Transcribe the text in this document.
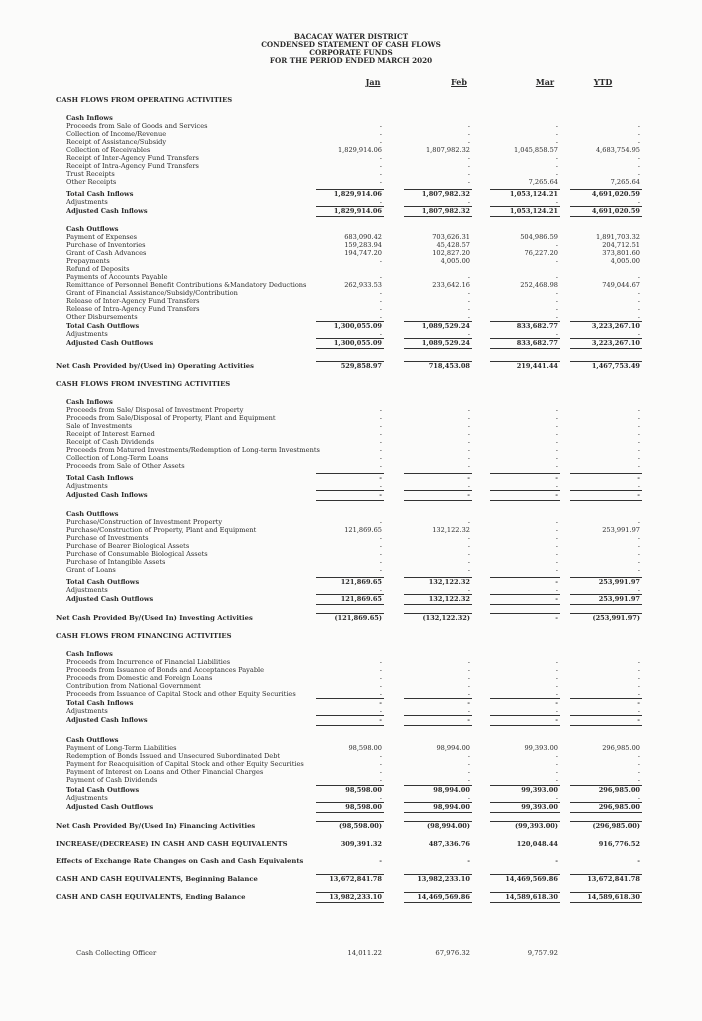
BACACAY WATER DISTRICT
CONDENSED STATEMENT OF CASH FLOWS
CORPORATE FUNDS
FOR THE PERIOD ENDED MARCH 2020
Jan	Feb	Mar	YTD
CASH FLOWS FROM OPERATING ACTIVITIES
Cash Inflows
Proceeds from Sale of Goods and Services	-	-	-	-
Collection of Income/Revenue	-	-	-	-
Receipt of Assistance/Subsidy	-	-	-	-
Collection of Receivables	1,829,914.06	1,807,982.32	1,045,858.57	4,683,754.95
Receipt of Inter-Agency Fund Transfers	-	-	-	-
Receipt of Intra-Agency Fund Transfers	-	-	-	-
Trust Receipts	-	-	-	-
Other Receipts	-	-	7,265.64	7,265.64
Total Cash Inflows	1,829,914.06	1,807,982.32	1,053,124.21	4,691,020.59
Adjustments	-	-	-	-
Adjusted Cash Inflows	1,829,914.06	1,807,982.32	1,053,124.21	4,691,020.59
Cash Outflows
Payment of Expenses	683,090.42	703,626.31	504,986.59	1,891,703.32
Purchase of Inventories	159,283.94	45,428.57	-	204,712.51
Grant of Cash Advances	194,747.20	102,827.20	76,227.20	373,801.60
Prepayments	-	4,005.00	-	4,005.00
Refund of Deposits
Payments of Accounts Payable	-	-	-	-
Remittance of Personnel Benefit Contributions &Mandatory Deductions	262,933.53	233,642.16	252,468.98	749,044.67
Grant of Financial Assistance/Subsidy/Contribution	-	-	-	-
Release of Inter-Agency Fund Transfers	-	-	-	-
Release of Intra-Agency Fund Transfers	-	-	-	-
Other Disbursements	-	-	-	-
Total Cash Outflows	1,300,055.09	1,089,529.24	833,682.77	3,223,267.10
Adjustments	-	-	-	-
Adjusted Cash Outflows	1,300,055.09	1,089,529.24	833,682.77	3,223,267.10
Net Cash Provided by/(Used in) Operating Activities	529,858.97	718,453.08	219,441.44	1,467,753.49
CASH FLOWS FROM INVESTING ACTIVITIES
Cash Inflows
Proceeds from Sale/ Disposal of Investment Property	-	-	-	-
Proceeds from Sale/Disposal of Property, Plant and Equipment	-	-	-	-
Sale of Investments	-	-	-	-
Receipt of Interest Earned	-	-	-	-
Receipt of Cash Dividends	-	-	-	-
Proceeds from Matured Investments/Redemption of Long-term Investments	-	-	-	-
Collection of Long-Term Loans	-	-	-	-
Proceeds from Sale of Other Assets	-	-	-	-
Total Cash Inflows	-	-	-	-
Adjustments	-	-	-	-
Adjusted Cash Inflows	-	-	-	-
Cash Outflows
Purchase/Construction of Investment Property	-	-	-	-
Purchase/Construction of Property, Plant and Equipment	121,869.65	132,122.32	-	253,991.97
Purchase of Investments	-	-	-	-
Purchase of Bearer Biological Assets	-	-	-	-
Purchase of Consumable Biological Assets	-	-	-	-
Purchase of Intangible Assets	-	-	-	-
Grant of Loans	-	-	-	-
Total Cash Outflows	121,869.65	132,122.32	-	253,991.97
Adjustments	-	-	-	-
Adjusted Cash Outflows	121,869.65	132,122.32	-	253,991.97
Net Cash Provided By/(Used In) Investing Activities	(121,869.65)	(132,122.32)	-	(253,991.97)
CASH FLOWS FROM FINANCING ACTIVITIES
Cash Inflows
Proceeds from Incurrence of Financial Liabilities	-	-	-	-
Proceeds from Issuance of Bonds and Acceptances Payable	-	-	-	-
Proceeds from Domestic and Foreign Loans	-	-	-	-
Contribution from National Government	-	-	-	-
Proceeds from Issuance of Capital Stock and other Equity Securities	-	-	-	-
Total Cash Inflows	-	-	-	-
Adjustments	-	-	-	-
Adjusted Cash Inflows	-	-	-	-
Cash Outflows
Payment of Long-Term Liabilities	98,598.00	98,994.00	99,393.00	296,985.00
Redemption of Bonds Issued and Unsecured Subordinated Debt	-	-	-	-
Payment for Reacquisition of Capital Stock and other Equity Securities	-	-	-	-
Payment of Interest on Loans and Other Financial Charges	-	-	-	-
Payment of Cash Dividends	-	-	-	-
Total Cash Outflows	98,598.00	98,994.00	99,393.00	296,985.00
Adjustments	-	-	-	-
Adjusted Cash Outflows	98,598.00	98,994.00	99,393.00	296,985.00
Net Cash Provided By/(Used In) Financing Activities	(98,598.00)	(98,994.00)	(99,393.00)	(296,985.00)
INCREASE/(DECREASE) IN CASH AND CASH EQUIVALENTS	309,391.32	487,336.76	120,048.44	916,776.52
Effects of Exchange Rate Changes on Cash and Cash Equivalents	-	-	-	-
CASH AND CASH EQUIVALENTS, Beginning Balance	13,672,841.78	13,982,233.10	14,469,569.86	13,672,841.78
CASH AND CASH EQUIVALENTS, Ending Balance	13,982,233.10	14,469,569.86	14,589,618.30	14,589,618.30
Cash Collecting Officer	14,011.22	67,976.32	9,757.92
